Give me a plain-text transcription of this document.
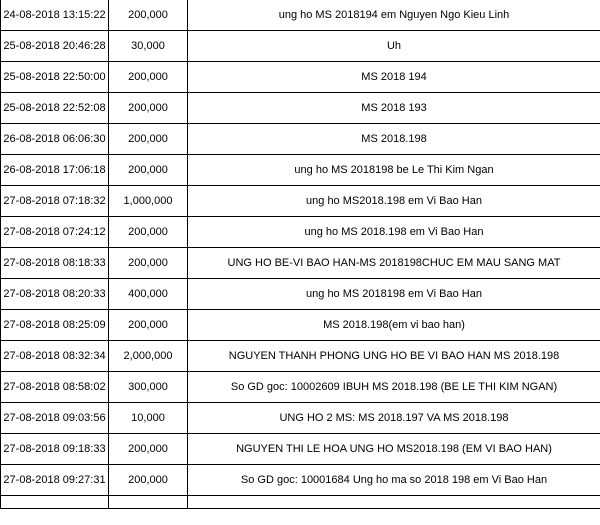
24-08-2018 13:15:22	200,000	ung ho MS 2018194 em Nguyen Ngo Kieu Linh
25-08-2018 20:46:28	30,000	Uh
25-08-2018 22:50:00	200,000	MS 2018 194
25-08-2018 22:52:08	200,000	MS 2018 193
26-08-2018 06:06:30	200,000	MS 2018.198
26-08-2018 17:06:18	200,000	ung ho MS 2018198 be Le Thi Kim Ngan
27-08-2018 07:18:32	1,000,000	ung ho MS2018.198 em Vi Bao Han
27-08-2018 07:24:12	200,000	ung ho MS 2018.198 em Vi Bao Han
27-08-2018 08:18:33	200,000	UNG HO BE-VI BAO HAN-MS 2018198CHUC EM MAU SANG MAT
27-08-2018 08:20:33	400,000	ung ho MS 2018198 em Vi Bao Han
27-08-2018 08:25:09	200,000	MS 2018.198(em vi bao han)
27-08-2018 08:32:34	2,000,000	NGUYEN THANH PHONG UNG HO BE VI BAO HAN MS 2018.198
27-08-2018 08:58:02	300,000	So GD goc: 10002609 IBUH MS 2018.198 (BE LE THI KIM NGAN)
27-08-2018 09:03:56	10,000	UNG HO 2 MS: MS 2018.197 VA MS 2018.198
27-08-2018 09:18:33	200,000	NGUYEN THI LE HOA UNG HO MS2018.198 (EM VI BAO HAN)
27-08-2018 09:27:31	200,000	So GD goc: 10001684 Ung ho ma so 2018 198 em Vi Bao Han
